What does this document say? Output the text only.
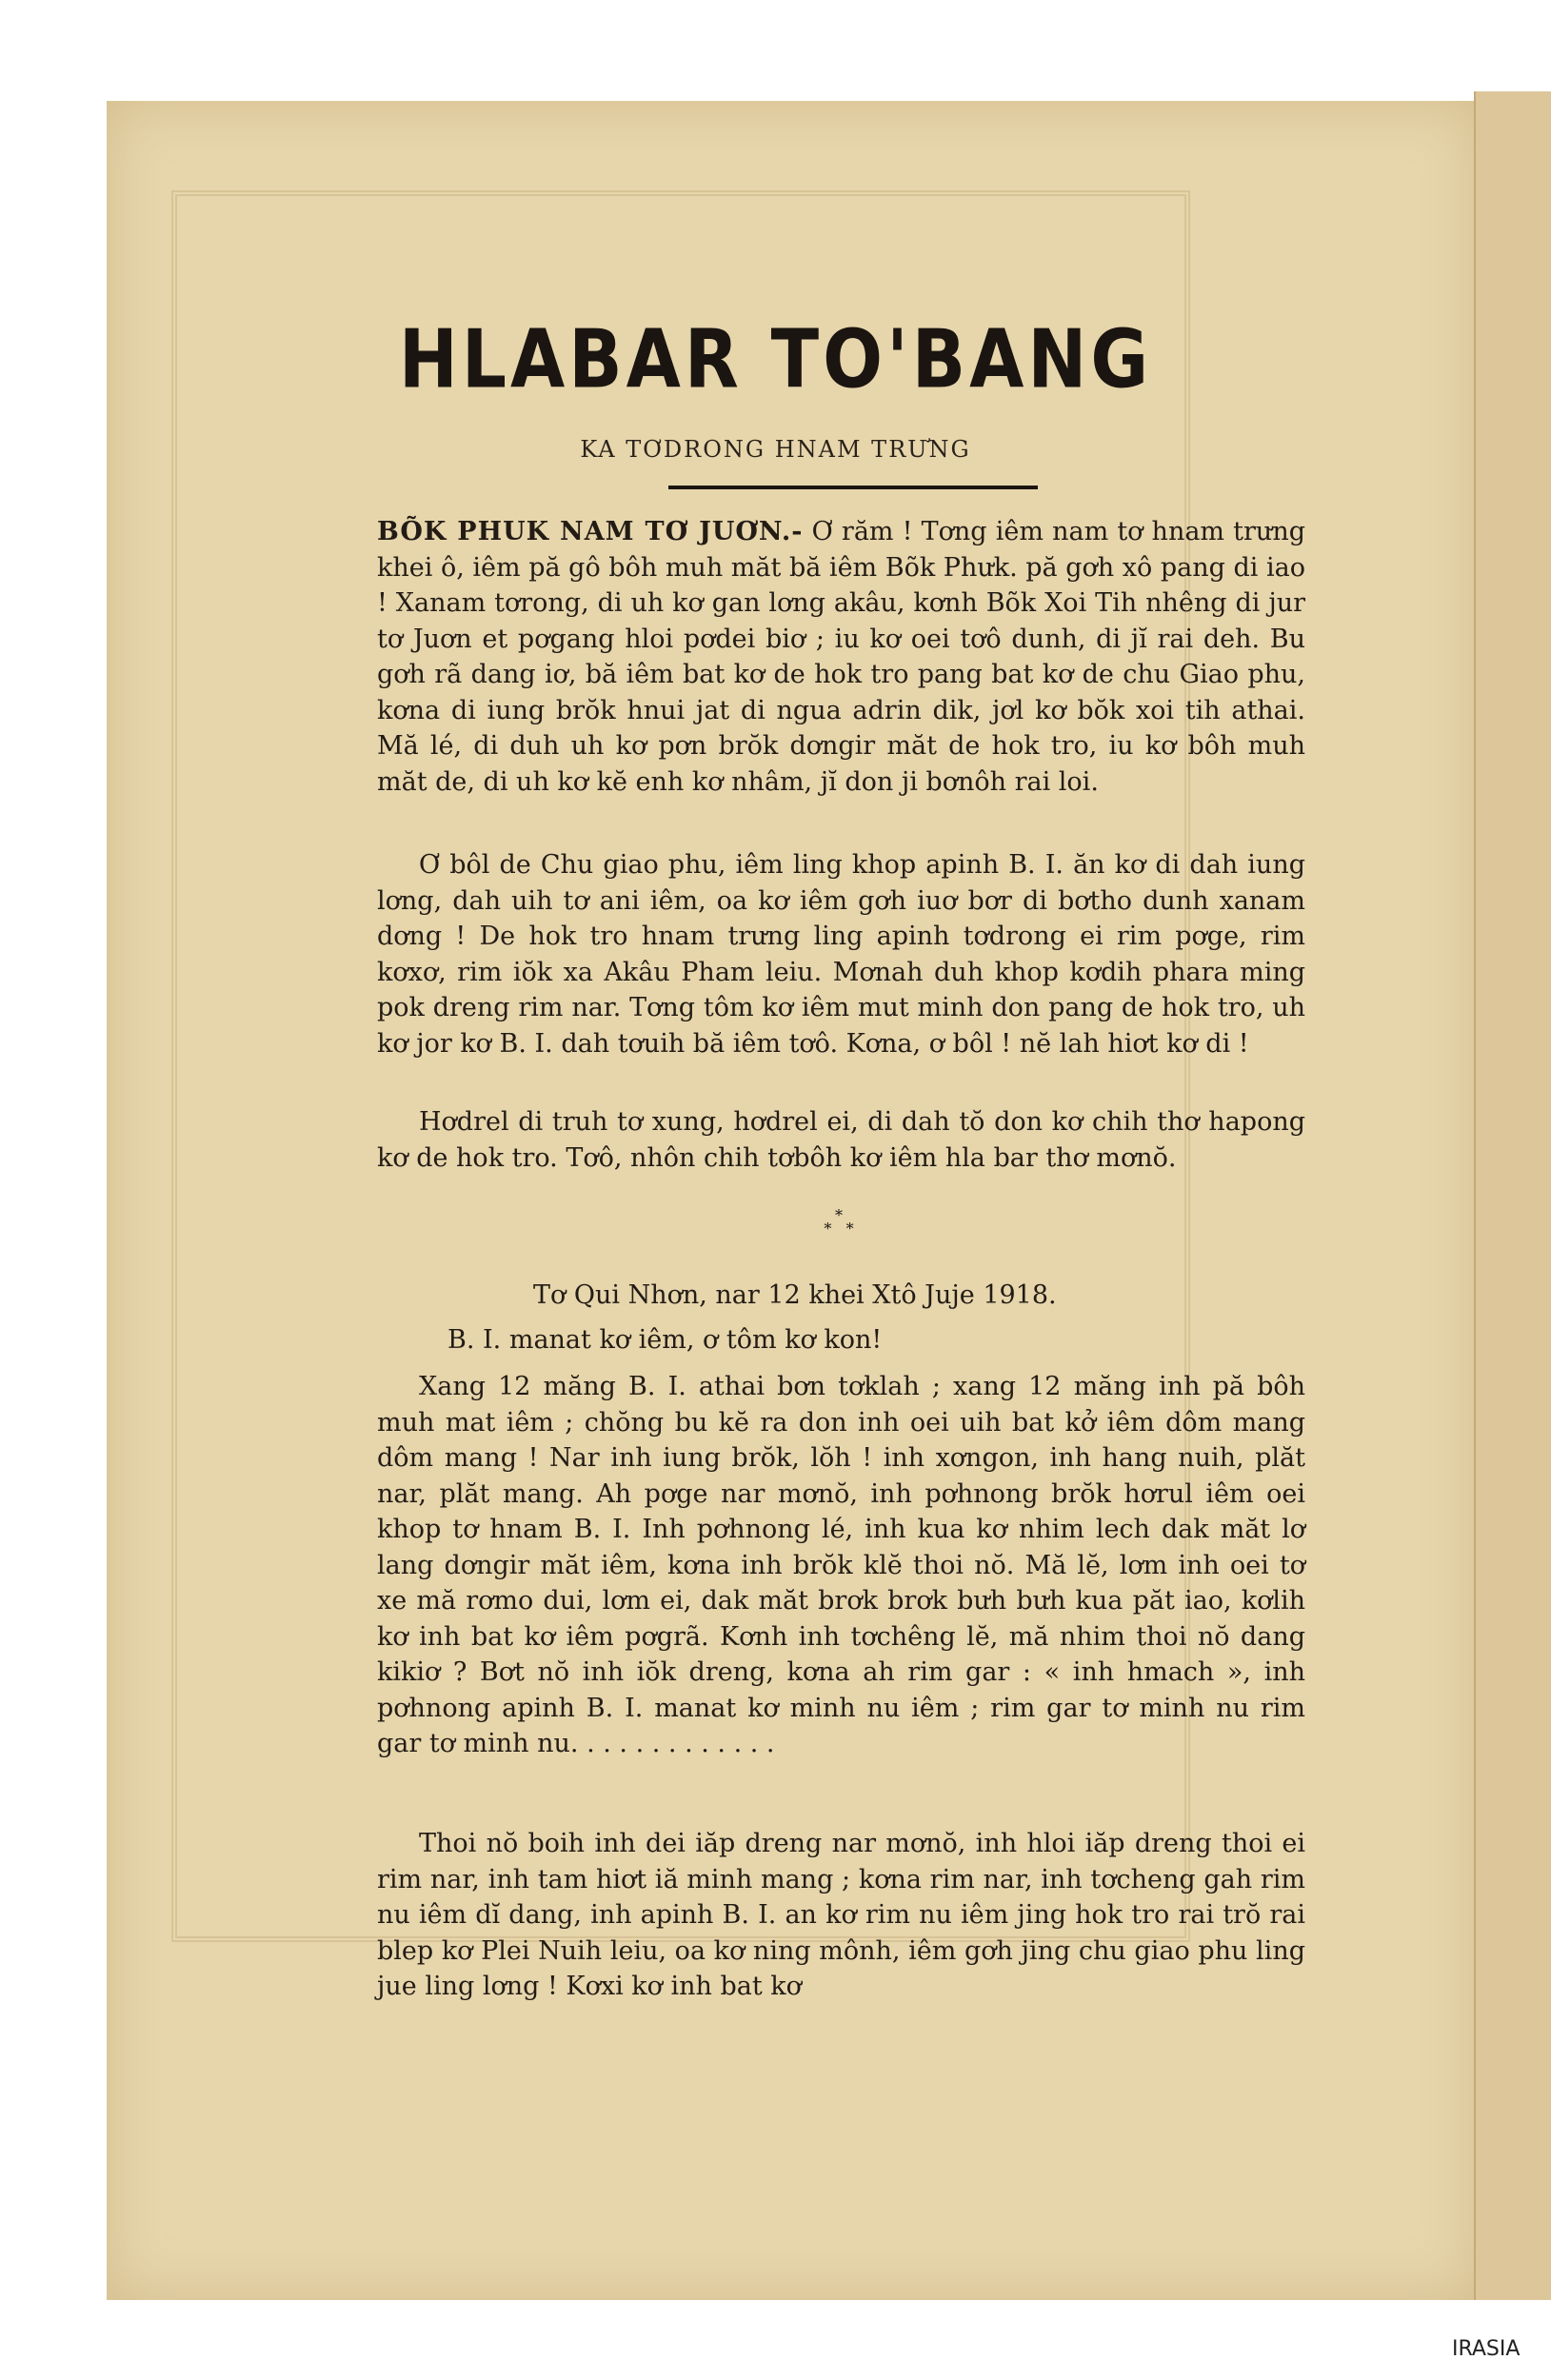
HLABAR TO'BANG
KA TƠDRONG HNAM TRƯNG

BÕK PHUK NAM TƠ JUƠN.- Ơ răm ! Tơng iêm nam tơ hnam trưng khei ô, iêm pă gô bôh muh măt bă iêm Bõk Phưk. pă gơh xô pang di iao ! Xanam tơrong, di uh kơ gan lơng akâu, kơnh Bõk Xoi Tih nhêng di jur tơ Juơn et pơgang hloi pơdei biơ ; iu kơ oei tơô dunh, di jĭ rai deh. Bu gơh rã dang iơ, bă iêm bat kơ de hok tro pang bat kơ de chu Giao phu, kơna di iung brŏk hnui jat di ngua adrin dik, jơl kơ bŏk xoi tih athai. Mă lé, di duh uh kơ pơn brŏk dơngir măt de hok tro, iu kơ bôh muh măt de, di uh kơ kĕ enh kơ nhâm, jĭ don ji bơnôh rai loi.

Ơ bôl de Chu giao phu, iêm ling khop apinh B. I. ăn kơ di dah iung lơng, dah uih tơ ani iêm, oa kơ iêm gơh iuơ bơr di bơtho dunh xanam dơng ! De hok tro hnam trưng ling apinh tơdrong ei rim pơge, rim kơxơ, rim iŏk xa Akâu Pham leiu. Mơnah duh khop kơdih phara ming pok dreng rim nar. Tơng tôm kơ iêm mut minh don pang de hok tro, uh kơ jor kơ B. I. dah tơuih bă iêm tơô. Kơna, ơ bôl ! nĕ lah hiơt kơ di !
Hơdrel di truh tơ xung, hơdrel ei, di dah tŏ don kơ chih thơ hapong kơ de hok tro. Tơô, nhôn chih tơbôh kơ iêm hla bar thơ mơnŏ.
*
*   *
Tơ Qui Nhơn, nar 12 khei Xtô Juje 1918.
B. I. manat kơ iêm, ơ tôm kơ kon!
Xang 12 măng B. I. athai bơn tơklah ; xang 12 măng inh pă bôh muh mat iêm ; chŏng bu kĕ ra don inh oei uih bat kở iêm dôm mang dôm mang ! Nar inh iung brŏk, lŏh ! inh xơngon, inh hang nuih, plăt nar, plăt mang. Ah pơge nar mơnŏ, inh pơhnong brŏk hơrul iêm oei khop tơ hnam B. I. Inh pơhnong lé, inh kua kơ nhim lech dak măt lơ lang dơngir măt iêm, kơna inh brŏk klĕ thoi nŏ. Mă lĕ, lơm inh oei tơ xe mă rơmo dui, lơm ei, dak măt brơk brơk bưh bưh kua păt iao, kơlih kơ inh bat kơ iêm pơgrã. Kơnh inh tơchêng lĕ, mă nhim thoi nŏ dang kikiơ ? Bơt nŏ inh iŏk dreng, kơna ah rim gar : « inh hmach », inh pơhnong apinh B. I. manat kơ minh nu iêm ; rim gar tơ minh nu rim gar tơ minh nu. . . . . . . . . . . . .
Thoi nŏ boih inh dei iăp dreng nar mơnŏ, inh hloi iăp dreng thoi ei rim nar, inh tam hiơt iă minh mang ; kơna rim nar, inh tơcheng gah rim nu iêm dĭ dang, inh apinh B. I. an kơ rim nu iêm jing hok tro rai trŏ rai blep kơ Plei Nuih leiu, oa kơ ning mônh, iêm gơh jing chu giao phu ling jue ling lơng ! Kơxi kơ inh bat kơ
IRASIA
